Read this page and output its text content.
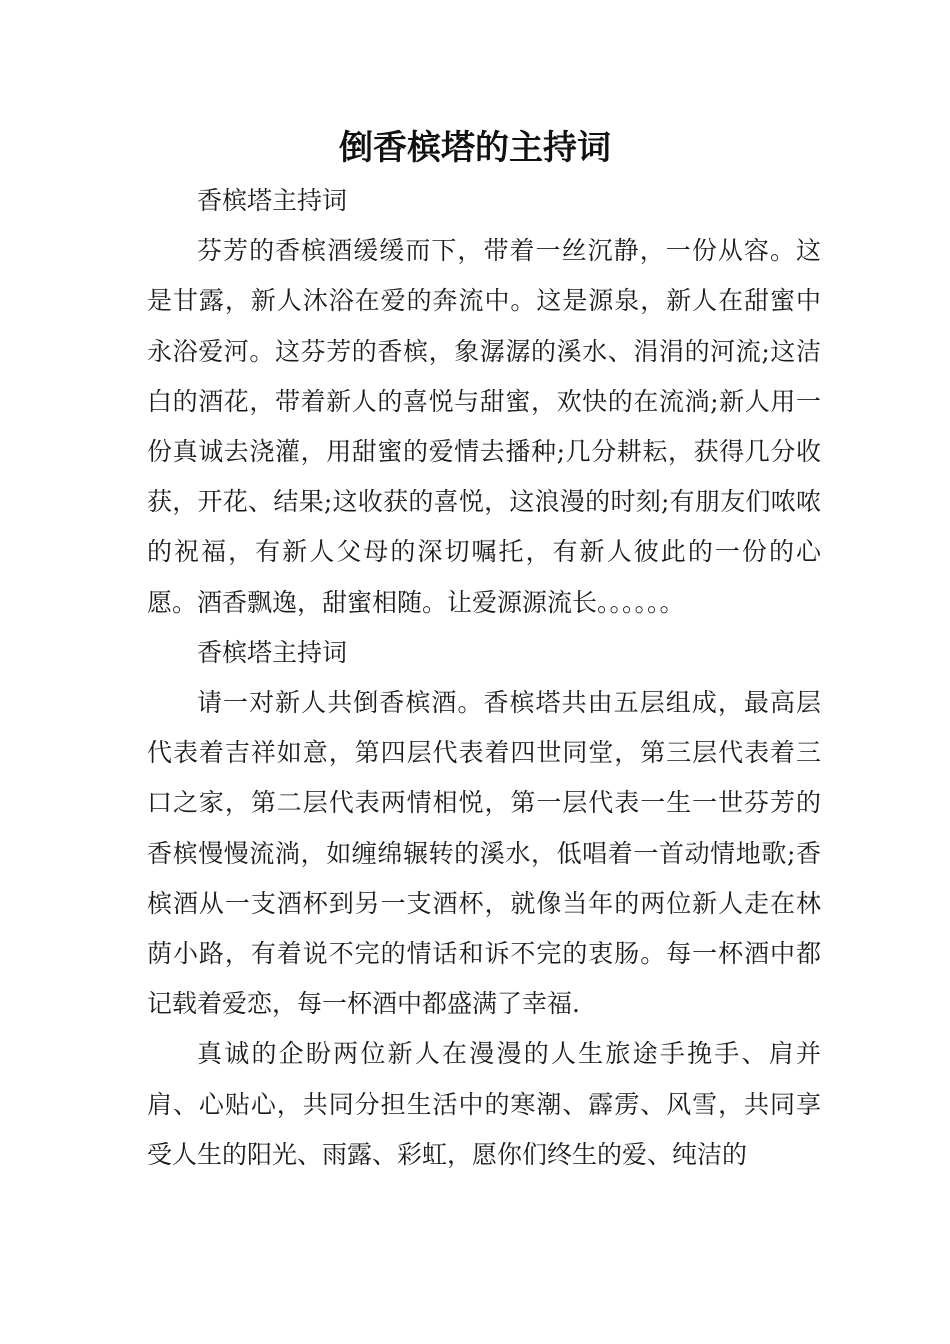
倒香槟塔的主持词

香槟塔主持词

芬芳的香槟酒缓缓而下，带着一丝沉静，一份从容。这是甘露，新人沐浴在爱的奔流中。这是源泉，新人在甜蜜中永浴爱河。这芬芳的香槟，象潺潺的溪水、涓涓的河流;这洁白的酒花，带着新人的喜悦与甜蜜，欢快的在流淌;新人用一份真诚去浇灌，用甜蜜的爱情去播种;几分耕耘，获得几分收获，开花、结果;这收获的喜悦，这浪漫的时刻;有朋友们哝哝的祝福，有新人父母的深切嘱托，有新人彼此的一份的心愿。酒香飘逸，甜蜜相随。让爱源源流长。。。。。。

香槟塔主持词

请一对新人共倒香槟酒。香槟塔共由五层组成，最高层代表着吉祥如意，第四层代表着四世同堂，第三层代表着三口之家，第二层代表两情相悦，第一层代表一生一世芬芳的香槟慢慢流淌，如缠绵辗转的溪水，低唱着一首动情地歌;香槟酒从一支酒杯到另一支酒杯，就像当年的两位新人走在林荫小路，有着说不完的情话和诉不完的衷肠。每一杯酒中都记载着爱恋，每一杯酒中都盛满了幸福.

真诚的企盼两位新人在漫漫的人生旅途手挽手、肩并肩、心贴心，共同分担生活中的寒潮、霹雳、风雪，共同享受人生的阳光、雨露、彩虹，愿你们终生的爱、纯洁的
